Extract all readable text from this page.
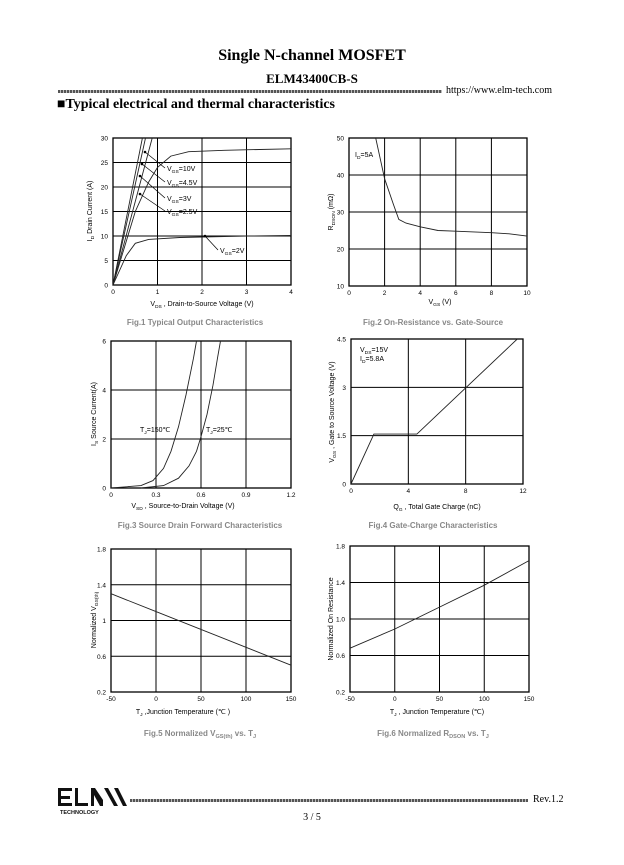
Single N-channel MOSFET
ELM43400CB-S
https://www.elm-tech.com
■Typical electrical and thermal characteristics
0	1	2	3	4
0
5
10
15
20
25
30
$V_{GS}=10V$
$V_{GS}=4.5V$
$V_{GS}=3V$
$V_{GS}=2.5V$
$V_{GS}=2V$
$V_{DS}$ , Drain-to-Source Voltage (V)
$I_D$ Drain Current (A)
Fig.1 Typical Output Characteristics
0	2	4	6	8	10
10
20
30
40
50
$I_D=5A$
$V_{GS}$ (V)
$R_{DSON}$ (mΩ)
Fig.2 On-Resistance vs. Gate-Source
0	0.3	0.6	0.9	1.2
0
2
4
6
$T_J=150℃$	$T_J=25℃$
$V_{SD}$ , Source-to-Drain Voltage (V)
$I_S$ Source Current(A)
Fig.3 Source Drain Forward Characteristics
0	4	8	12
0
1.5
3
4.5
$V_{DS}=15V$
$I_D=5.8A$
$Q_G$ , Total Gate Charge (nC)
$V_{GS}$ , Gate to Source Voltage (V)
Fig.4 Gate-Charge Characteristics
-50	0	50	100	150
0.2
0.6
1
1.4
1.8
$T_J$ ,Junction Temperature (℃ )
Normalized $V_{GS(th)}$
Fig.5 Normalized $V_{GS(th)}$ vs. $T_J$
-50	0	50	100	150
0.2
0.6
1.0
1.4
1.8
$T_J$ , Junction Temperature (℃)
Normalized On Resistance
Fig.6 Normalized $R_{DSON}$ vs. $T_J$
TECHNOLOGY
Rev.1.2
3 / 5
